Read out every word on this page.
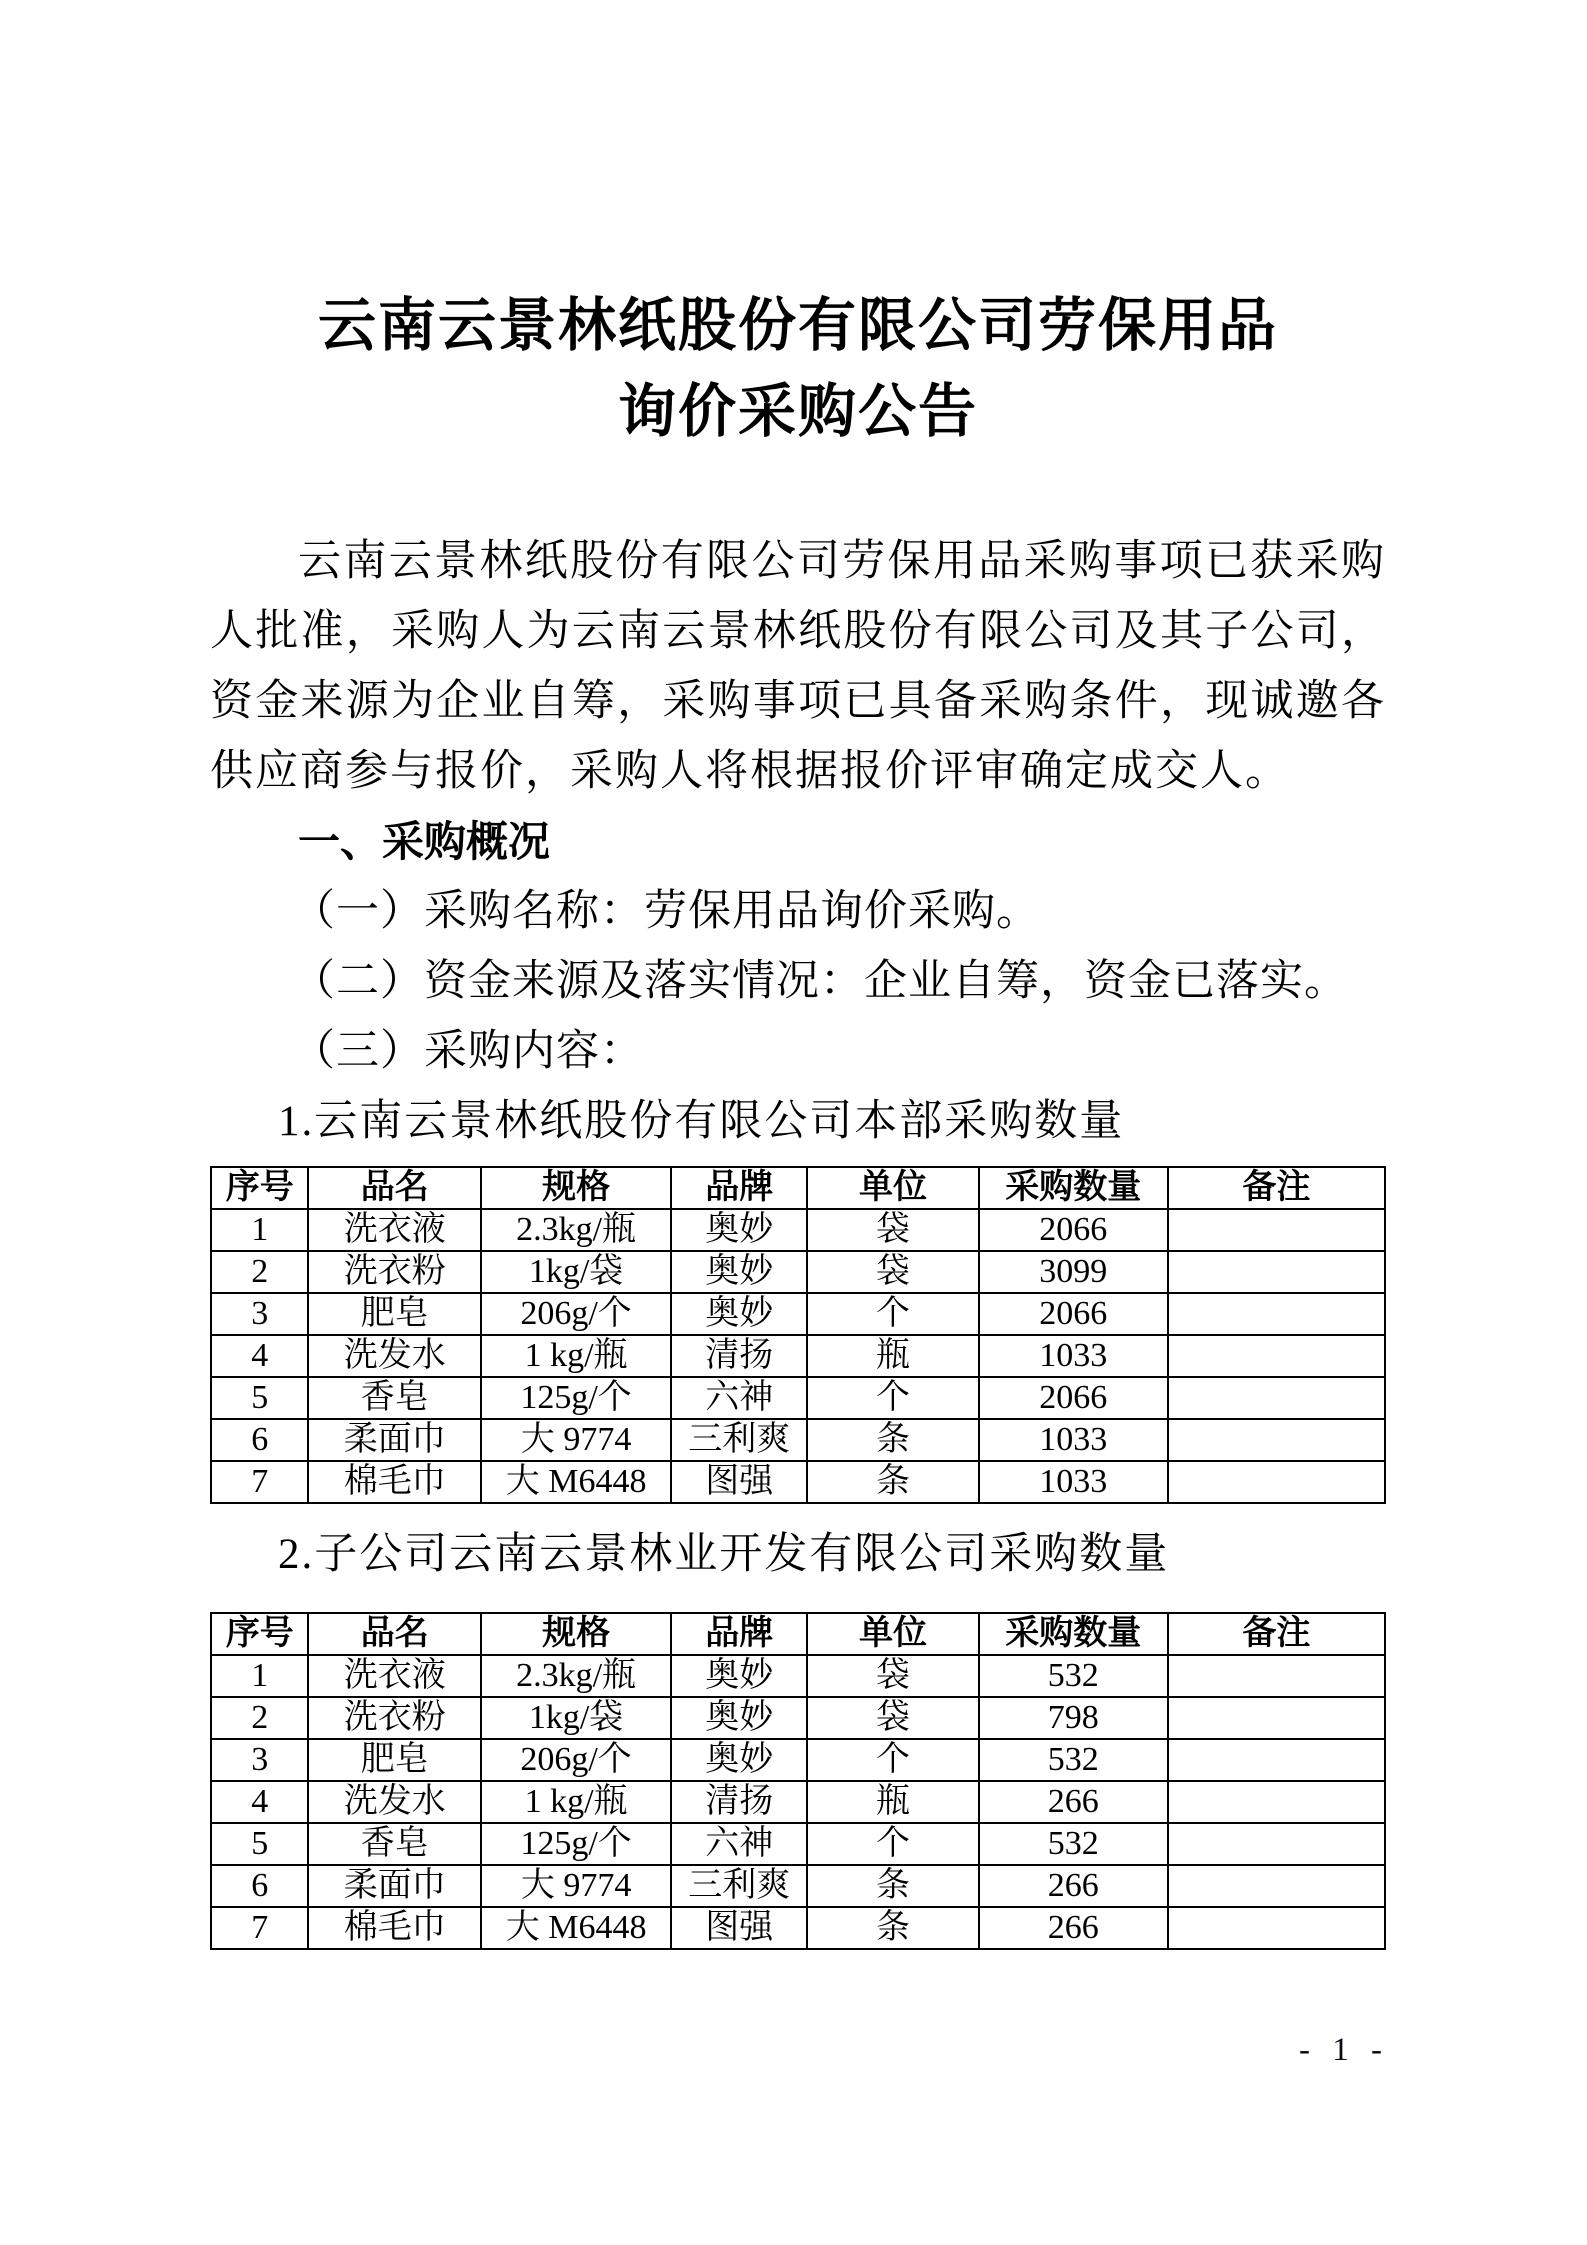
云南云景林纸股份有限公司劳保用品
询价采购公告

云南云景林纸股份有限公司劳保用品采购事项已获采购人批准，采购人为云南云景林纸股份有限公司及其子公司，资金来源为企业自筹，采购事项已具备采购条件，现诚邀各供应商参与报价，采购人将根据报价评审确定成交人。

一、采购概况

（一）采购名称：劳保用品询价采购。

（二）资金来源及落实情况：企业自筹，资金已落实。

（三）采购内容：

1.云南云景林纸股份有限公司本部采购数量

序号	品名	规格	品牌	单位	采购数量	备注
1	洗衣液	2.3kg/瓶	奥妙	袋	2066	
2	洗衣粉	1kg/袋	奥妙	袋	3099	
3	肥皂	206g/个	奥妙	个	2066	
4	洗发水	1 kg/瓶	清扬	瓶	1033	
5	香皂	125g/个	六神	个	2066	
6	柔面巾	大 9774	三利爽	条	1033	
7	棉毛巾	大 M6448	图强	条	1033	

2.子公司云南云景林业开发有限公司采购数量

序号	品名	规格	品牌	单位	采购数量	备注
1	洗衣液	2.3kg/瓶	奥妙	袋	532	
2	洗衣粉	1kg/袋	奥妙	袋	798	
3	肥皂	206g/个	奥妙	个	532	
4	洗发水	1 kg/瓶	清扬	瓶	266	
5	香皂	125g/个	六神	个	532	
6	柔面巾	大 9774	三利爽	条	266	
7	棉毛巾	大 M6448	图强	条	266	
- 1 -
